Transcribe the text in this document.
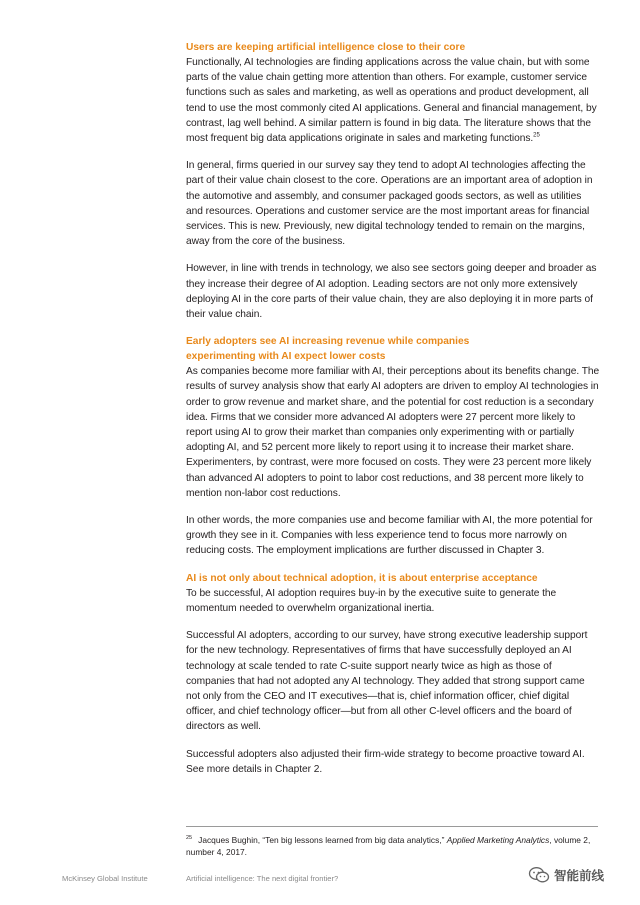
Users are keeping artificial intelligence close to their core

Functionally, AI technologies are finding applications across the value chain, but with some parts of the value chain getting more attention than others. For example, customer service functions such as sales and marketing, as well as operations and product development, all tend to use the most commonly cited AI applications. General and financial management, by contrast, lag well behind. A similar pattern is found in big data. The literature shows that the most frequent big data applications originate in sales and marketing functions.$^{25}$

In general, firms queried in our survey say they tend to adopt AI technologies affecting the part of their value chain closest to the core. Operations are an important area of adoption in the automotive and assembly, and consumer packaged goods sectors, as well as utilities and resources. Operations and customer service are the most important areas for financial services. This is new. Previously, new digital technology tended to remain on the margins, away from the core of the business.

However, in line with trends in technology, we also see sectors going deeper and broader as they increase their degree of AI adoption. Leading sectors are not only more extensively deploying AI in the core parts of their value chain, they are also deploying it in more parts of their value chain.

Early adopters see AI increasing revenue while companies
experimenting with AI expect lower costs

As companies become more familiar with AI, their perceptions about its benefits change. The results of survey analysis show that early AI adopters are driven to employ AI technologies in order to grow revenue and market share, and the potential for cost reduction is a secondary idea. Firms that we consider more advanced AI adopters were 27 percent more likely to report using AI to grow their market than companies only experimenting with or partially adopting AI, and 52 percent more likely to report using it to increase their market share. Experimenters, by contrast, were more focused on costs. They were 23 percent more likely than advanced AI adopters to point to labor cost reductions, and 38 percent more likely to mention non-labor cost reductions.

In other words, the more companies use and become familiar with AI, the more potential for growth they see in it. Companies with less experience tend to focus more narrowly on reducing costs. The employment implications are further discussed in Chapter 3.

AI is not only about technical adoption, it is about enterprise acceptance

To be successful, AI adoption requires buy-in by the executive suite to generate the momentum needed to overwhelm organizational inertia.

Successful AI adopters, according to our survey, have strong executive leadership support for the new technology. Representatives of firms that have successfully deployed an AI technology at scale tended to rate C-suite support nearly twice as high as those of companies that had not adopted any AI technology. They added that strong support came not only from the CEO and IT executives—that is, chief information officer, chief digital officer, and chief technology officer—but from all other C-level officers and the board of directors as well.

Successful adopters also adjusted their firm-wide strategy to become proactive toward AI. See more details in Chapter 2.

$^{25}$ Jacques Bughin, “Ten big lessons learned from big data analytics,” Applied Marketing Analytics, volume 2, number 4, 2017.
McKinsey Global Institute	Artificial intelligence: The next digital frontier?	智能前线
